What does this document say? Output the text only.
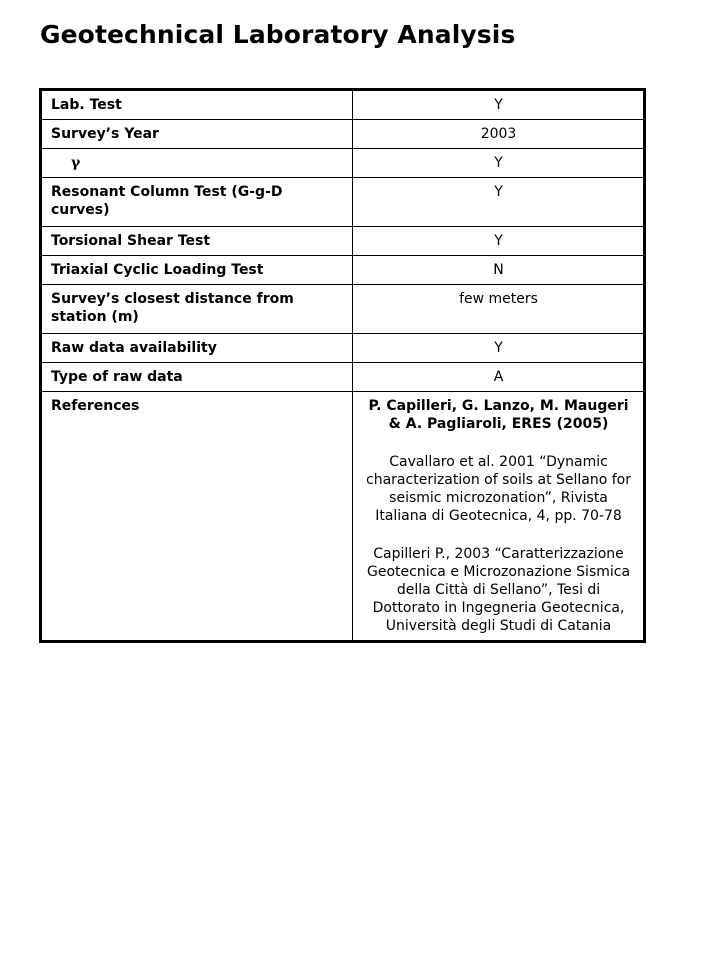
Geotechnical Laboratory Analysis
Lab. Test	Y
Survey’s Year	2003
γ	Y
Resonant Column Test (G-g-D curves)	Y
Torsional Shear Test	Y
Triaxial Cyclic Loading Test	N
Survey’s closest distance from station (m)	few meters
Raw data availability	Y
Type of raw data	A
References	P. Capilleri, G. Lanzo, M. Maugeri & A. Pagliaroli, ERES (2005)
Cavallaro et al. 2001 “Dynamic characterization of soils at Sellano for seismic microzonation”, Rivista Italiana di Geotecnica, 4, pp. 70-78
Capilleri P., 2003 “Caratterizzazione Geotecnica e Microzonazione Sismica della Città di Sellano”, Tesi di Dottorato in Ingegneria Geotecnica, Università degli Studi di Catania
